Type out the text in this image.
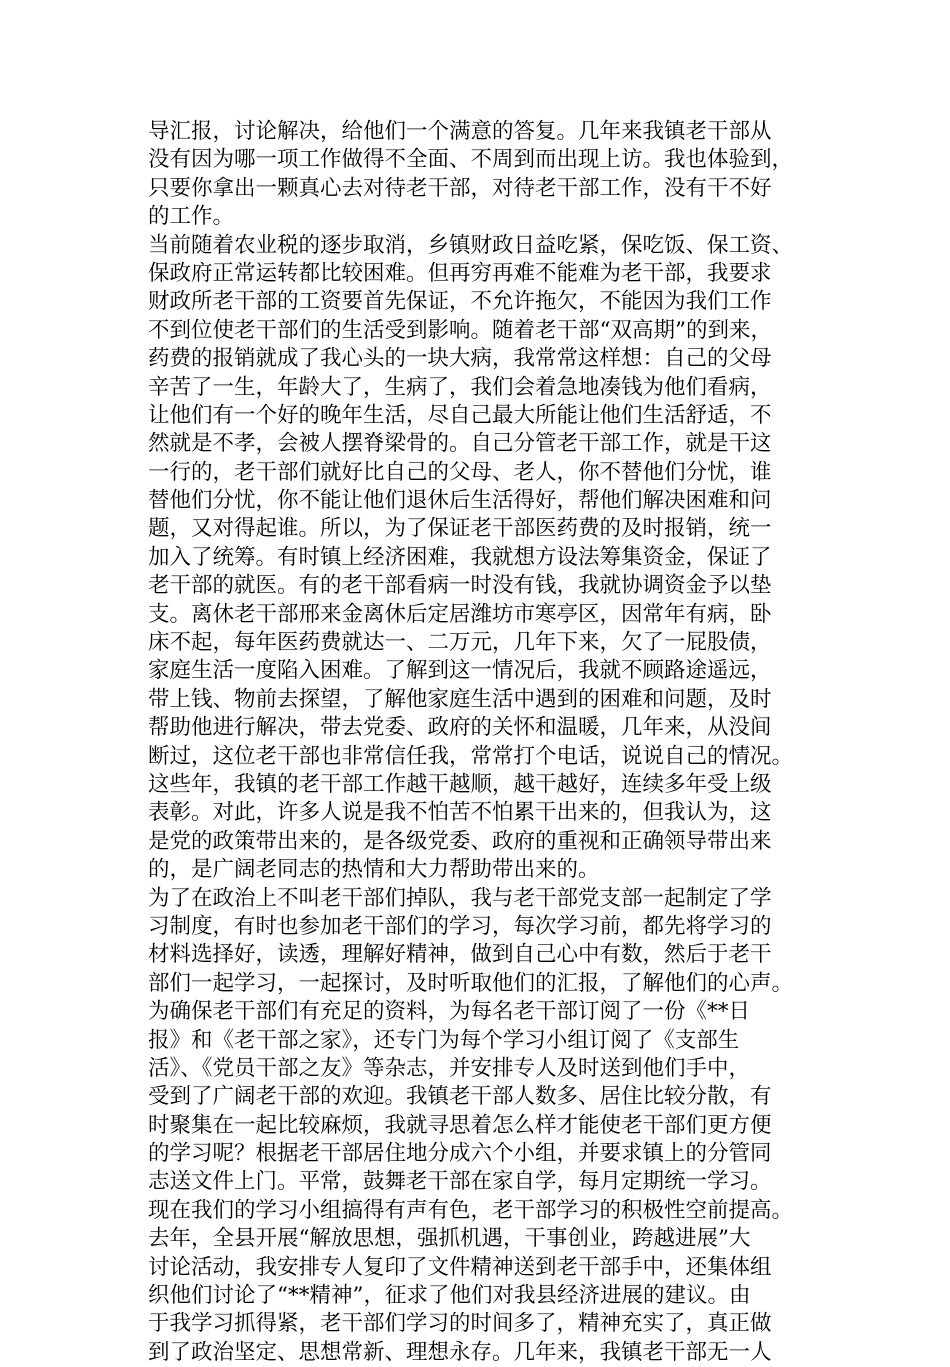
导汇报，讨论解决，给他们一个满意的答复。几年来我镇老干部从
没有因为哪一项工作做得不全面、不周到而出现上访。我也体验到，
只要你拿出一颗真心去对待老干部，对待老干部工作，没有干不好
的工作。
当前随着农业税的逐步取消，乡镇财政日益吃紧，保吃饭、保工资、
保政府正常运转都比较困难。但再穷再难不能难为老干部，我要求
财政所老干部的工资要首先保证，不允许拖欠，不能因为我们工作
不到位使老干部们的生活受到影响。随着老干部“双高期”的到来，
药费的报销就成了我心头的一块大病，我常常这样想：自己的父母
辛苦了一生，年龄大了，生病了，我们会着急地凑钱为他们看病，
让他们有一个好的晚年生活，尽自己最大所能让他们生活舒适，不
然就是不孝，会被人摆脊梁骨的。自己分管老干部工作，就是干这
一行的，老干部们就好比自己的父母、老人，你不替他们分忧，谁
替他们分忧，你不能让他们退休后生活得好，帮他们解决困难和问
题，又对得起谁。所以，为了保证老干部医药费的及时报销，统一
加入了统筹。有时镇上经济困难，我就想方设法筹集资金，保证了
老干部的就医。有的老干部看病一时没有钱，我就协调资金予以垫
支。离休老干部邢来金离休后定居潍坊市寒亭区，因常年有病，卧
床不起，每年医药费就达一、二万元，几年下来，欠了一屁股债，
家庭生活一度陷入困难。了解到这一情况后，我就不顾路途遥远，
带上钱、物前去探望，了解他家庭生活中遇到的困难和问题，及时
帮助他进行解决，带去党委、政府的关怀和温暖，几年来，从没间
断过，这位老干部也非常信任我，常常打个电话，说说自己的情况。
这些年，我镇的老干部工作越干越顺，越干越好，连续多年受上级
表彰。对此，许多人说是我不怕苦不怕累干出来的，但我认为，这
是党的政策带出来的，是各级党委、政府的重视和正确领导带出来
的，是广阔老同志的热情和大力帮助带出来的。
为了在政治上不叫老干部们掉队，我与老干部党支部一起制定了学
习制度，有时也参加老干部们的学习，每次学习前，都先将学习的
材料选择好，读透，理解好精神，做到自己心中有数，然后于老干
部们一起学习，一起探讨，及时听取他们的汇报，了解他们的心声。
为确保老干部们有充足的资料，为每名老干部订阅了一份《**日
报》和《老干部之家》，还专门为每个学习小组订阅了《支部生
活》、《党员干部之友》等杂志，并安排专人及时送到他们手中，
受到了广阔老干部的欢迎。我镇老干部人数多、居住比较分散，有
时聚集在一起比较麻烦，我就寻思着怎么样才能使老干部们更方便
的学习呢？根据老干部居住地分成六个小组，并要求镇上的分管同
志送文件上门。平常，鼓舞老干部在家自学，每月定期统一学习。
现在我们的学习小组搞得有声有色，老干部学习的积极性空前提高。
去年，全县开展“解放思想，强抓机遇，干事创业，跨越进展”大
讨论活动，我安排专人复印了文件精神送到老干部手中，还集体组
织他们讨论了“**精神”，征求了他们对我县经济进展的建议。由
于我学习抓得紧，老干部们学习的时间多了，精神充实了，真正做
到了政治坚定、思想常新、理想永存。几年来，我镇老干部无一人
